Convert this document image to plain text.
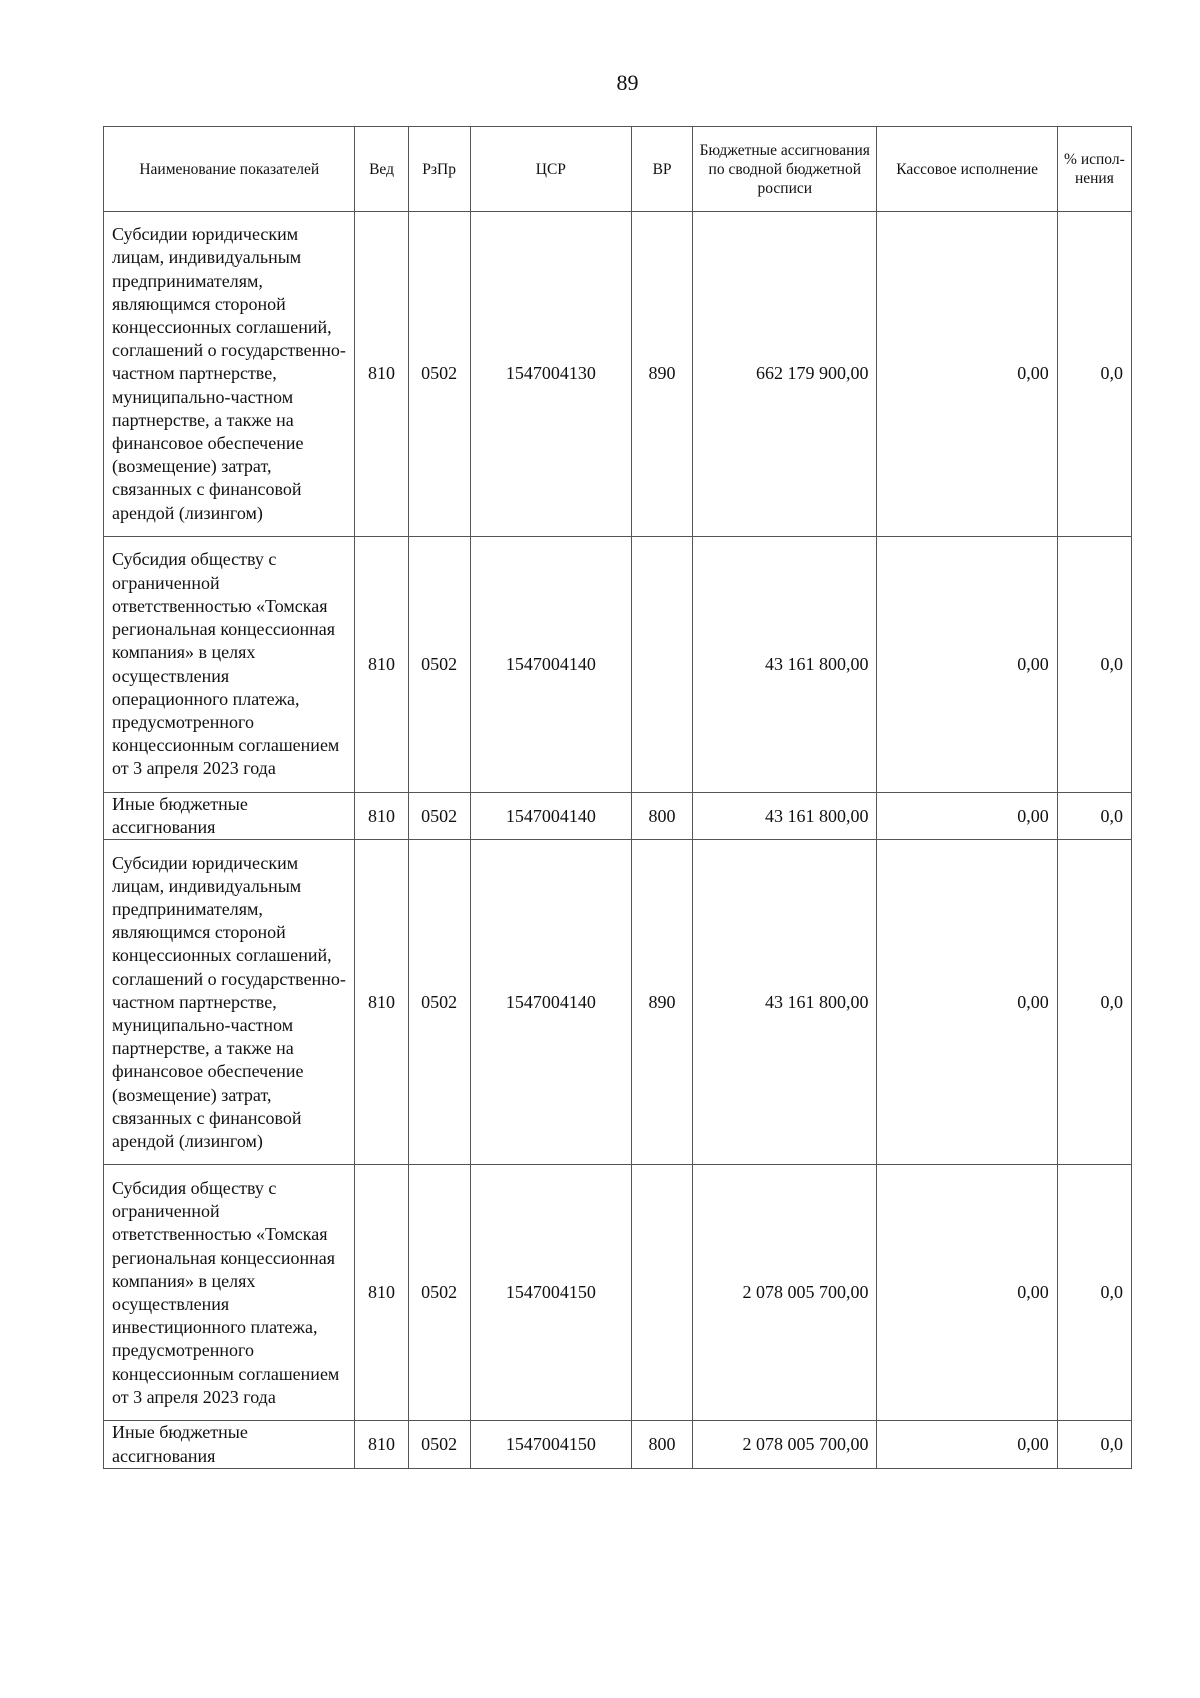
89
Наименование показателей	Вед	РзПр	ЦСР	ВР	Бюджетные ассигнования по сводной бюджетной росписи	Кассовое исполнение	% испол- нения
Субсидии юридическим лицам, индивидуальным предпринимателям, являющимся стороной концессионных соглашений, соглашений о государственно-частном партнерстве, муниципально-частном партнерстве, а также на финансовое обеспечение (возмещение) затрат, связанных с финансовой арендой (лизингом)	810	0502	1547004130	890	662 179 900,00	0,00	0,0
Субсидия обществу с ограниченной ответственностью «Томская региональная концессионная компания» в целях осуществления операционного платежа, предусмотренного концессионным соглашением от 3 апреля 2023 года	810	0502	1547004140		43 161 800,00	0,00	0,0
Иные бюджетные ассигнования	810	0502	1547004140	800	43 161 800,00	0,00	0,0
Субсидии юридическим лицам, индивидуальным предпринимателям, являющимся стороной концессионных соглашений, соглашений о государственно-частном партнерстве, муниципально-частном партнерстве, а также на финансовое обеспечение (возмещение) затрат, связанных с финансовой арендой (лизингом)	810	0502	1547004140	890	43 161 800,00	0,00	0,0
Субсидия обществу с ограниченной ответственностью «Томская региональная концессионная компания» в целях осуществления инвестиционного платежа, предусмотренного концессионным соглашением от 3 апреля 2023 года	810	0502	1547004150		2 078 005 700,00	0,00	0,0
Иные бюджетные ассигнования	810	0502	1547004150	800	2 078 005 700,00	0,00	0,0
